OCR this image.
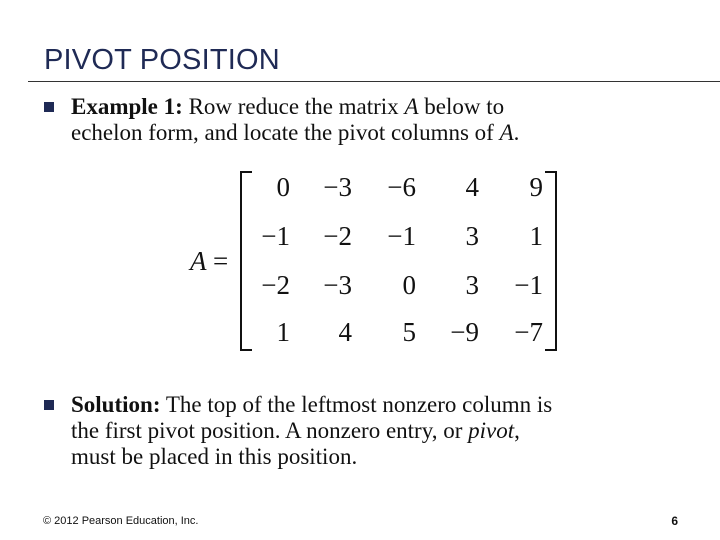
PIVOT POSITION
Example 1: Row reduce the matrix A below to
echelon form, and locate the pivot columns of A.
A =
0 −3 −6 4 9
−1 −2 −1 3 1
−2 −3 0 3 −1
1 4 5 −9 −7
Solution: The top of the leftmost nonzero column is
the first pivot position. A nonzero entry, or pivot,
must be placed in this position.
© 2012 Pearson Education, Inc.	6
